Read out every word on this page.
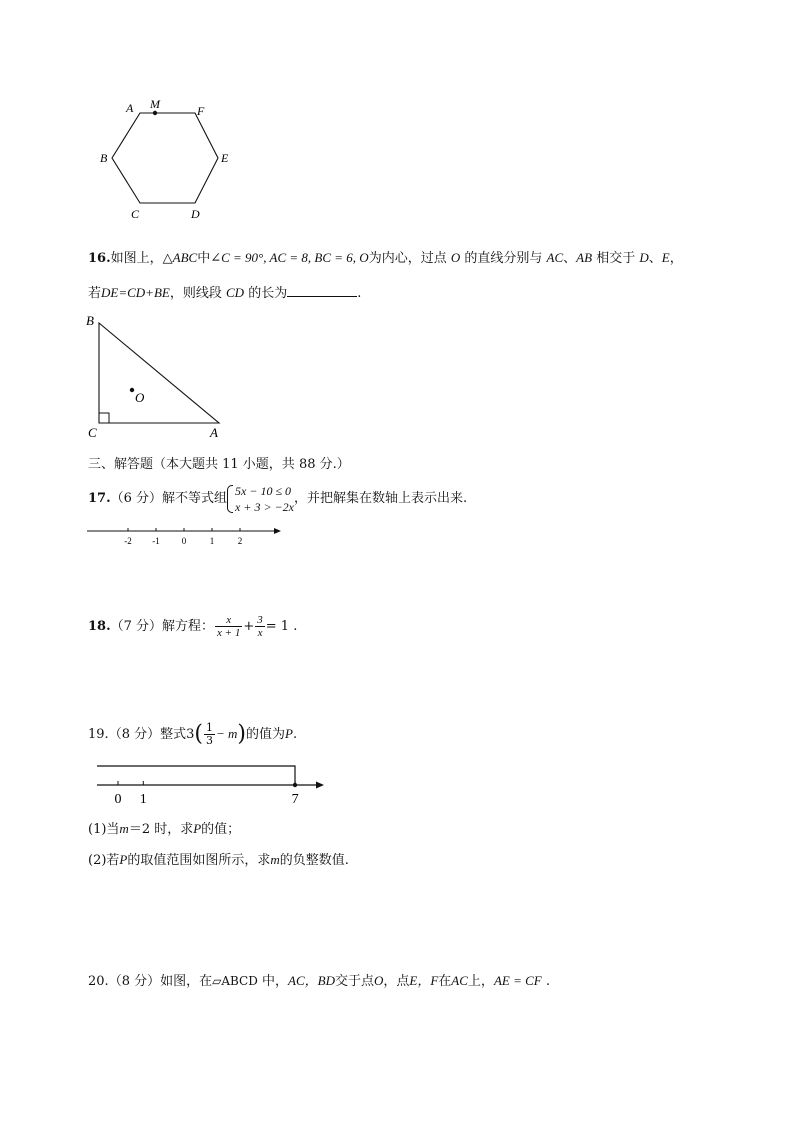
A M	F
B	E
C	D
16.如图上，△ABC中∠C = 90°, AC = 8, BC = 6, O为内心，过点 O 的直线分别与 AC、AB 相交于 D、E，
若DE=CD+BE，则线段 CD 的长为	.
B
C	A
O
三、解答题（本大题共 11 小题，共 88 分.）
17.（6 分）解不等式组
5x − 10 ≤ 0
x + 3 > −2x
，并把解集在数轴上表示出来.
-2 -1 0	1	2
18.（7 分）解方程： $\frac{x}{x + 1} + \frac{3}{x} = 1$ .
19.（8 分）整式$3( \frac{1}{3} - m)$的值为P.
0 1	7
(1)当m＝2 时，求P的值；
(2)若P的取值范围如图所示，求m的负整数值.
20.（8 分）如图，在▱ABCD 中，AC，BD交于点O，点E，F在AC上，AE = CF .
